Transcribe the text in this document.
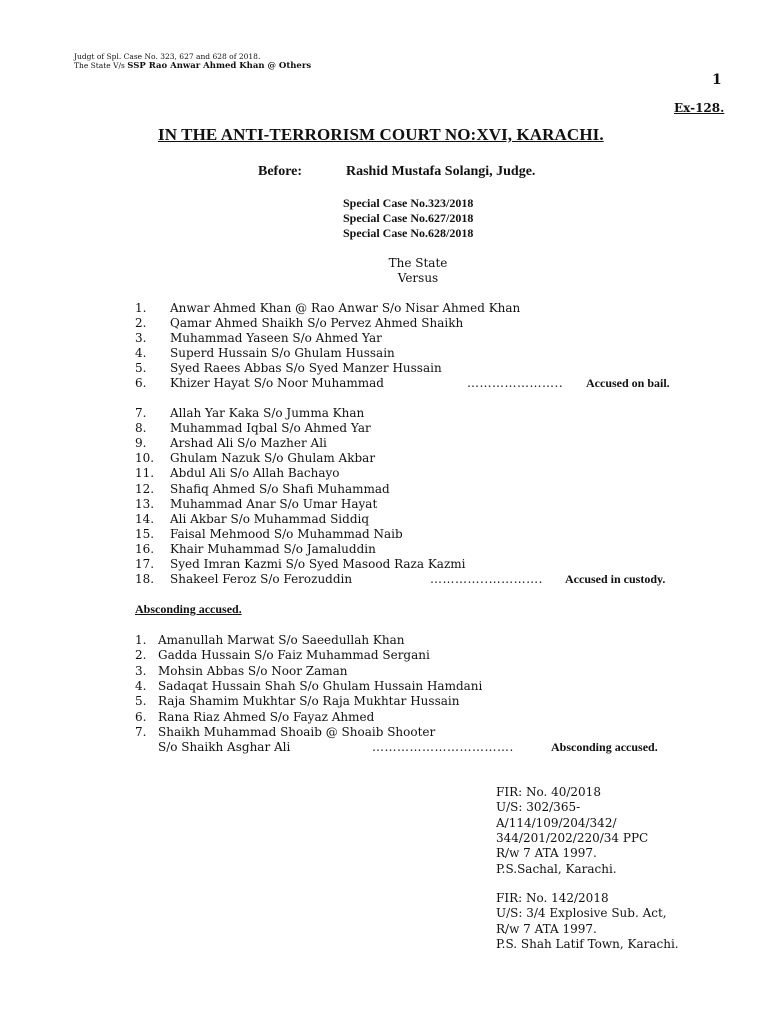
Judgt of Spl. Case No. 323, 627 and 628 of 2018.
The State V/s SSP Rao Anwar Ahmed Khan @ Others
1
Ex-128.
IN THE ANTI-TERRORISM COURT NO:XVI, KARACHI.
Before:	Rashid Mustafa Solangi, Judge.
Special Case No.323/2018
Special Case No.627/2018
Special Case No.628/2018
The State
Versus
1. Anwar Ahmed Khan @ Rao Anwar S/o Nisar Ahmed Khan
2. Qamar Ahmed Shaikh S/o Pervez Ahmed Shaikh
3. Muhammad Yaseen S/o Ahmed Yar
4. Superd Hussain S/o Ghulam Hussain
5. Syed Raees Abbas S/o Syed Manzer Hussain
6. Khizer Hayat S/o Noor Muhammad	………………….. Accused on bail.
7. Allah Yar Kaka S/o Jumma Khan
8. Muhammad Iqbal S/o Ahmed Yar
9. Arshad Ali S/o Mazher Ali
10. Ghulam Nazuk S/o Ghulam Akbar
11. Abdul Ali S/o Allah Bachayo
12. Shafiq Ahmed S/o Shafi Muhammad
13. Muhammad Anar S/o Umar Hayat
14. Ali Akbar S/o Muhammad Siddiq
15. Faisal Mehmood S/o Muhammad Naib
16. Khair Muhammad S/o Jamaluddin
17. Syed Imran Kazmi S/o Syed Masood Raza Kazmi
18. Shakeel Feroz S/o Ferozuddin	…………..…………. Accused in custody.
Absconding accused.
1. Amanullah Marwat S/o Saeedullah Khan
2. Gadda Hussain S/o Faiz Muhammad Sergani
3. Mohsin Abbas S/o Noor Zaman
4. Sadaqat Hussain Shah S/o Ghulam Hussain Hamdani
5. Raja Shamim Mukhtar S/o Raja Mukhtar Hussain
6. Rana Riaz Ahmed S/o Fayaz Ahmed
7. Shaikh Muhammad Shoaib @ Shoaib Shooter
S/o Shaikh Asghar Ali	…………………………….	Absconding accused.
FIR: No. 40/2018
U/S: 302/365-
A/114/109/204/342/
344/201/202/220/34 PPC
R/w 7 ATA 1997.
P.S.Sachal, Karachi.
FIR: No. 142/2018
U/S: 3/4 Explosive Sub. Act,
R/w 7 ATA 1997.
P.S. Shah Latif Town, Karachi.
